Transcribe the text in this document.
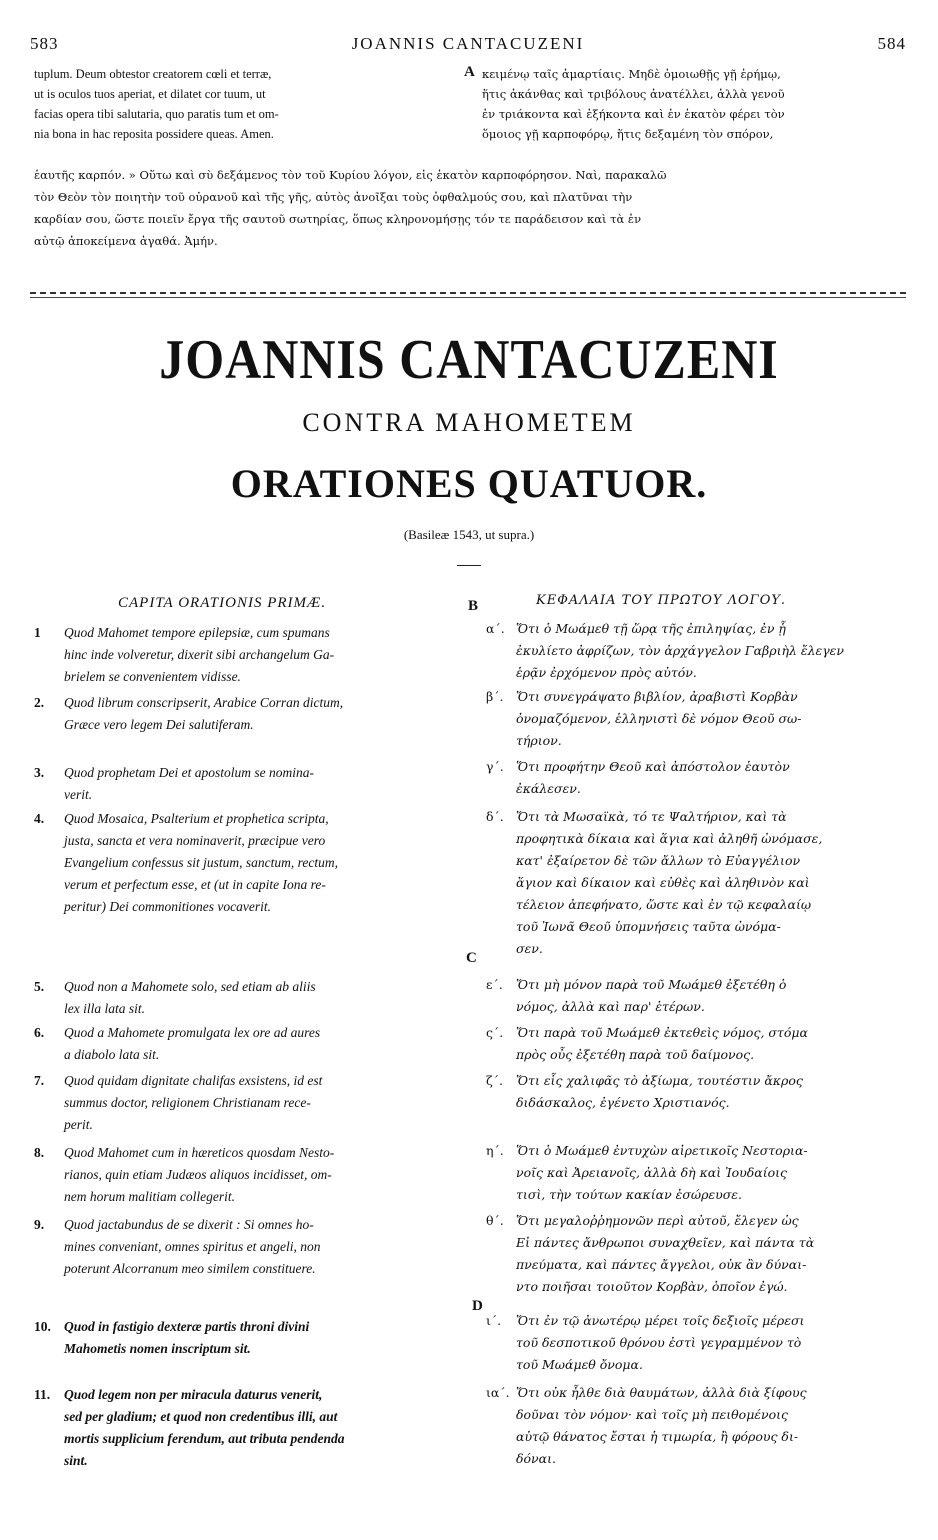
583	JOANNIS CANTACUZENI	584
tuplum. Deum obtestor creatorem cœli et terræ,
ut is oculos tuos aperiat, et dilatet cor tuum, ut
facias opera tibi salutaria, quo paratis tum et om-
nia bona in hac reposita possidere queas. Amen.
A κειμένῳ ταῖς ἁμαρτίαις. Μηδὲ ὁμοιωθῇς γῇ ἐρήμῳ,
ἥτις ἀκάνθας καὶ τριβόλους ἀνατέλλει, ἀλλὰ γενοῦ
ἐν τριάκοντα καὶ ἑξήκοντα καὶ ἐν ἑκατὸν φέρει τὸν
ὅμοιος γῇ καρποφόρῳ, ἥτις δεξαμένη τὸν σπόρον,
ἑαυτῆς καρπόν. » Οὕτω καὶ σὺ δεξάμενος τὸν τοῦ Κυρίου λόγον, εἰς ἑκατὸν καρποφόρησον. Ναὶ, παρακαλῶ
τὸν Θεὸν τὸν ποιητὴν τοῦ οὐρανοῦ καὶ τῆς γῆς, αὐτὸς ἀνοῖξαι τοὺς ὀφθαλμούς σου, καὶ πλατῦναι τὴν
καρδίαν σου, ὥστε ποιεῖν ἔργα τῆς σαυτοῦ σωτηρίας, ὅπως κληρονομήσῃς τόν τε παράδεισον καὶ τὰ ἐν
αὐτῷ ἀποκείμενα ἀγαθά. Ἀμήν.
JOANNIS CANTACUZENI
CONTRA MAHOMETEM
ORATIONES QUATUOR.
(Basileæ 1543, ut supra.)
CAPITA ORATIONIS PRIMÆ.	B	ΚΕΦΑΛΑΙΑ ΤΟΥ ΠΡΩΤΟΥ ΛΟΓΟΥ.
C
D
1 Quod Mahomet tempore epilepsiæ, cum spumans
hinc inde volveretur, dixerit sibi archangelum Ga-
brielem se convenientem vidisse.
2. Quod librum conscripserit, Arabice Corran dictum,
Græce vero legem Dei salutiferam.
3. Quod prophetam Dei et apostolum se nomina-
verit.
4. Quod Mosaica, Psalterium et prophetica scripta,
justa, sancta et vera nominaverit, præcipue vero
Evangelium confessus sit justum, sanctum, rectum,
verum et perfectum esse, et (ut in capite Iona re-
peritur) Dei commonitiones vocaverit.
5. Quod non a Mahomete solo, sed etiam ab aliis
lex illa lata sit.
6. Quod a Mahomete promulgata lex ore ad aures
a diabolo lata sit.
7. Quod quidam dignitate chalifas exsistens, id est
summus doctor, religionem Christianam rece-
perit.
8. Quod Mahomet cum in hæreticos quosdam Nesto-
rianos, quin etiam Judæos aliquos incidisset, om-
nem horum malitiam collegerit.
9. Quod jactabundus de se dixerit : Si omnes ho-
mines conveniant, omnes spiritus et angeli, non
poterunt Alcorranum meo similem constituere.
10. Quod in fastigio dexteræ partis throni divini
Mahometis nomen inscriptum sit.
11. Quod legem non per miracula daturus venerit,
sed per gladium; et quod non credentibus illi, aut
mortis supplicium ferendum, aut tributa pendenda
sint.
α΄. Ὅτι ὁ Μωάμεθ τῇ ὥρᾳ τῆς ἐπιληψίας, ἐν ᾗ
ἐκυλίετο ἀφρίζων, τὸν ἀρχάγγελον Γαβριὴλ ἔλεγεν
ἑρᾷν ἐρχόμενον πρὸς αὐτόν.
β΄. Ὅτι συνεγράψατο βιβλίον, ἀραβιστὶ Κορβὰν
ὀνομαζόμενον, ἑλληνιστὶ δὲ νόμον Θεοῦ σω-
τήριον.
γ΄. Ὅτι προφήτην Θεοῦ καὶ ἀπόστολον ἑαυτὸν
ἐκάλεσεν.
δ΄. Ὅτι τὰ Μωσαϊκὰ, τό τε Ψαλτήριον, καὶ τὰ
προφητικὰ δίκαια καὶ ἅγια καὶ ἀληθῆ ὠνόμασε,
κατ' ἐξαίρετον δὲ τῶν ἄλλων τὸ Εὐαγγέλιον
ἅγιον καὶ δίκαιον καὶ εὐθὲς καὶ ἀληθινὸν καὶ
τέλειον ἀπεφήνατο, ὥστε καὶ ἐν τῷ κεφαλαίῳ
τοῦ Ἰωνᾶ Θεοῦ ὑπομνήσεις ταῦτα ὠνόμα-
σεν.
ε΄. Ὅτι μὴ μόνον παρὰ τοῦ Μωάμεθ ἐξετέθη ὁ
νόμος, ἀλλὰ καὶ παρ' ἑτέρων.
ς΄. Ὅτι παρὰ τοῦ Μωάμεθ ἐκτεθεὶς νόμος, στόμα
πρὸς οὖς ἐξετέθη παρὰ τοῦ δαίμονος.
ζ΄. Ὅτι εἷς χαλιφᾶς τὸ ἀξίωμα, τουτέστιν ἄκρος
διδάσκαλος, ἐγένετο Χριστιανός.
η΄. Ὅτι ὁ Μωάμεθ ἐντυχὼν αἱρετικοῖς Νεστορια-
νοῖς καὶ Ἀρειανοῖς, ἀλλὰ δὴ καὶ Ἰουδαίοις
τισὶ, τὴν τούτων κακίαν ἐσώρευσε.
θ΄. Ὅτι μεγαλοῤῥημονῶν περὶ αὐτοῦ, ἔλεγεν ὡς
Εἰ πάντες ἄνθρωποι συναχθεῖεν, καὶ πάντα τὰ
πνεύματα, καὶ πάντες ἄγγελοι, οὐκ ἂν δύναι-
ντο ποιῆσαι τοιοῦτον Κορβὰν, ὁποῖον ἐγώ.
ι΄. Ὅτι ἐν τῷ ἀνωτέρῳ μέρει τοῖς δεξιοῖς μέρεσι
τοῦ δεσποτικοῦ θρόνου ἐστὶ γεγραμμένον τὸ
τοῦ Μωάμεθ ὄνομα.
ια΄. Ὅτι οὐκ ἦλθε διὰ θαυμάτων, ἀλλὰ διὰ ξίφους
δοῦναι τὸν νόμον· καὶ τοῖς μὴ πειθομένοις
αὐτῷ θάνατος ἔσται ἡ τιμωρία, ἢ φόρους δι-
δόναι.
